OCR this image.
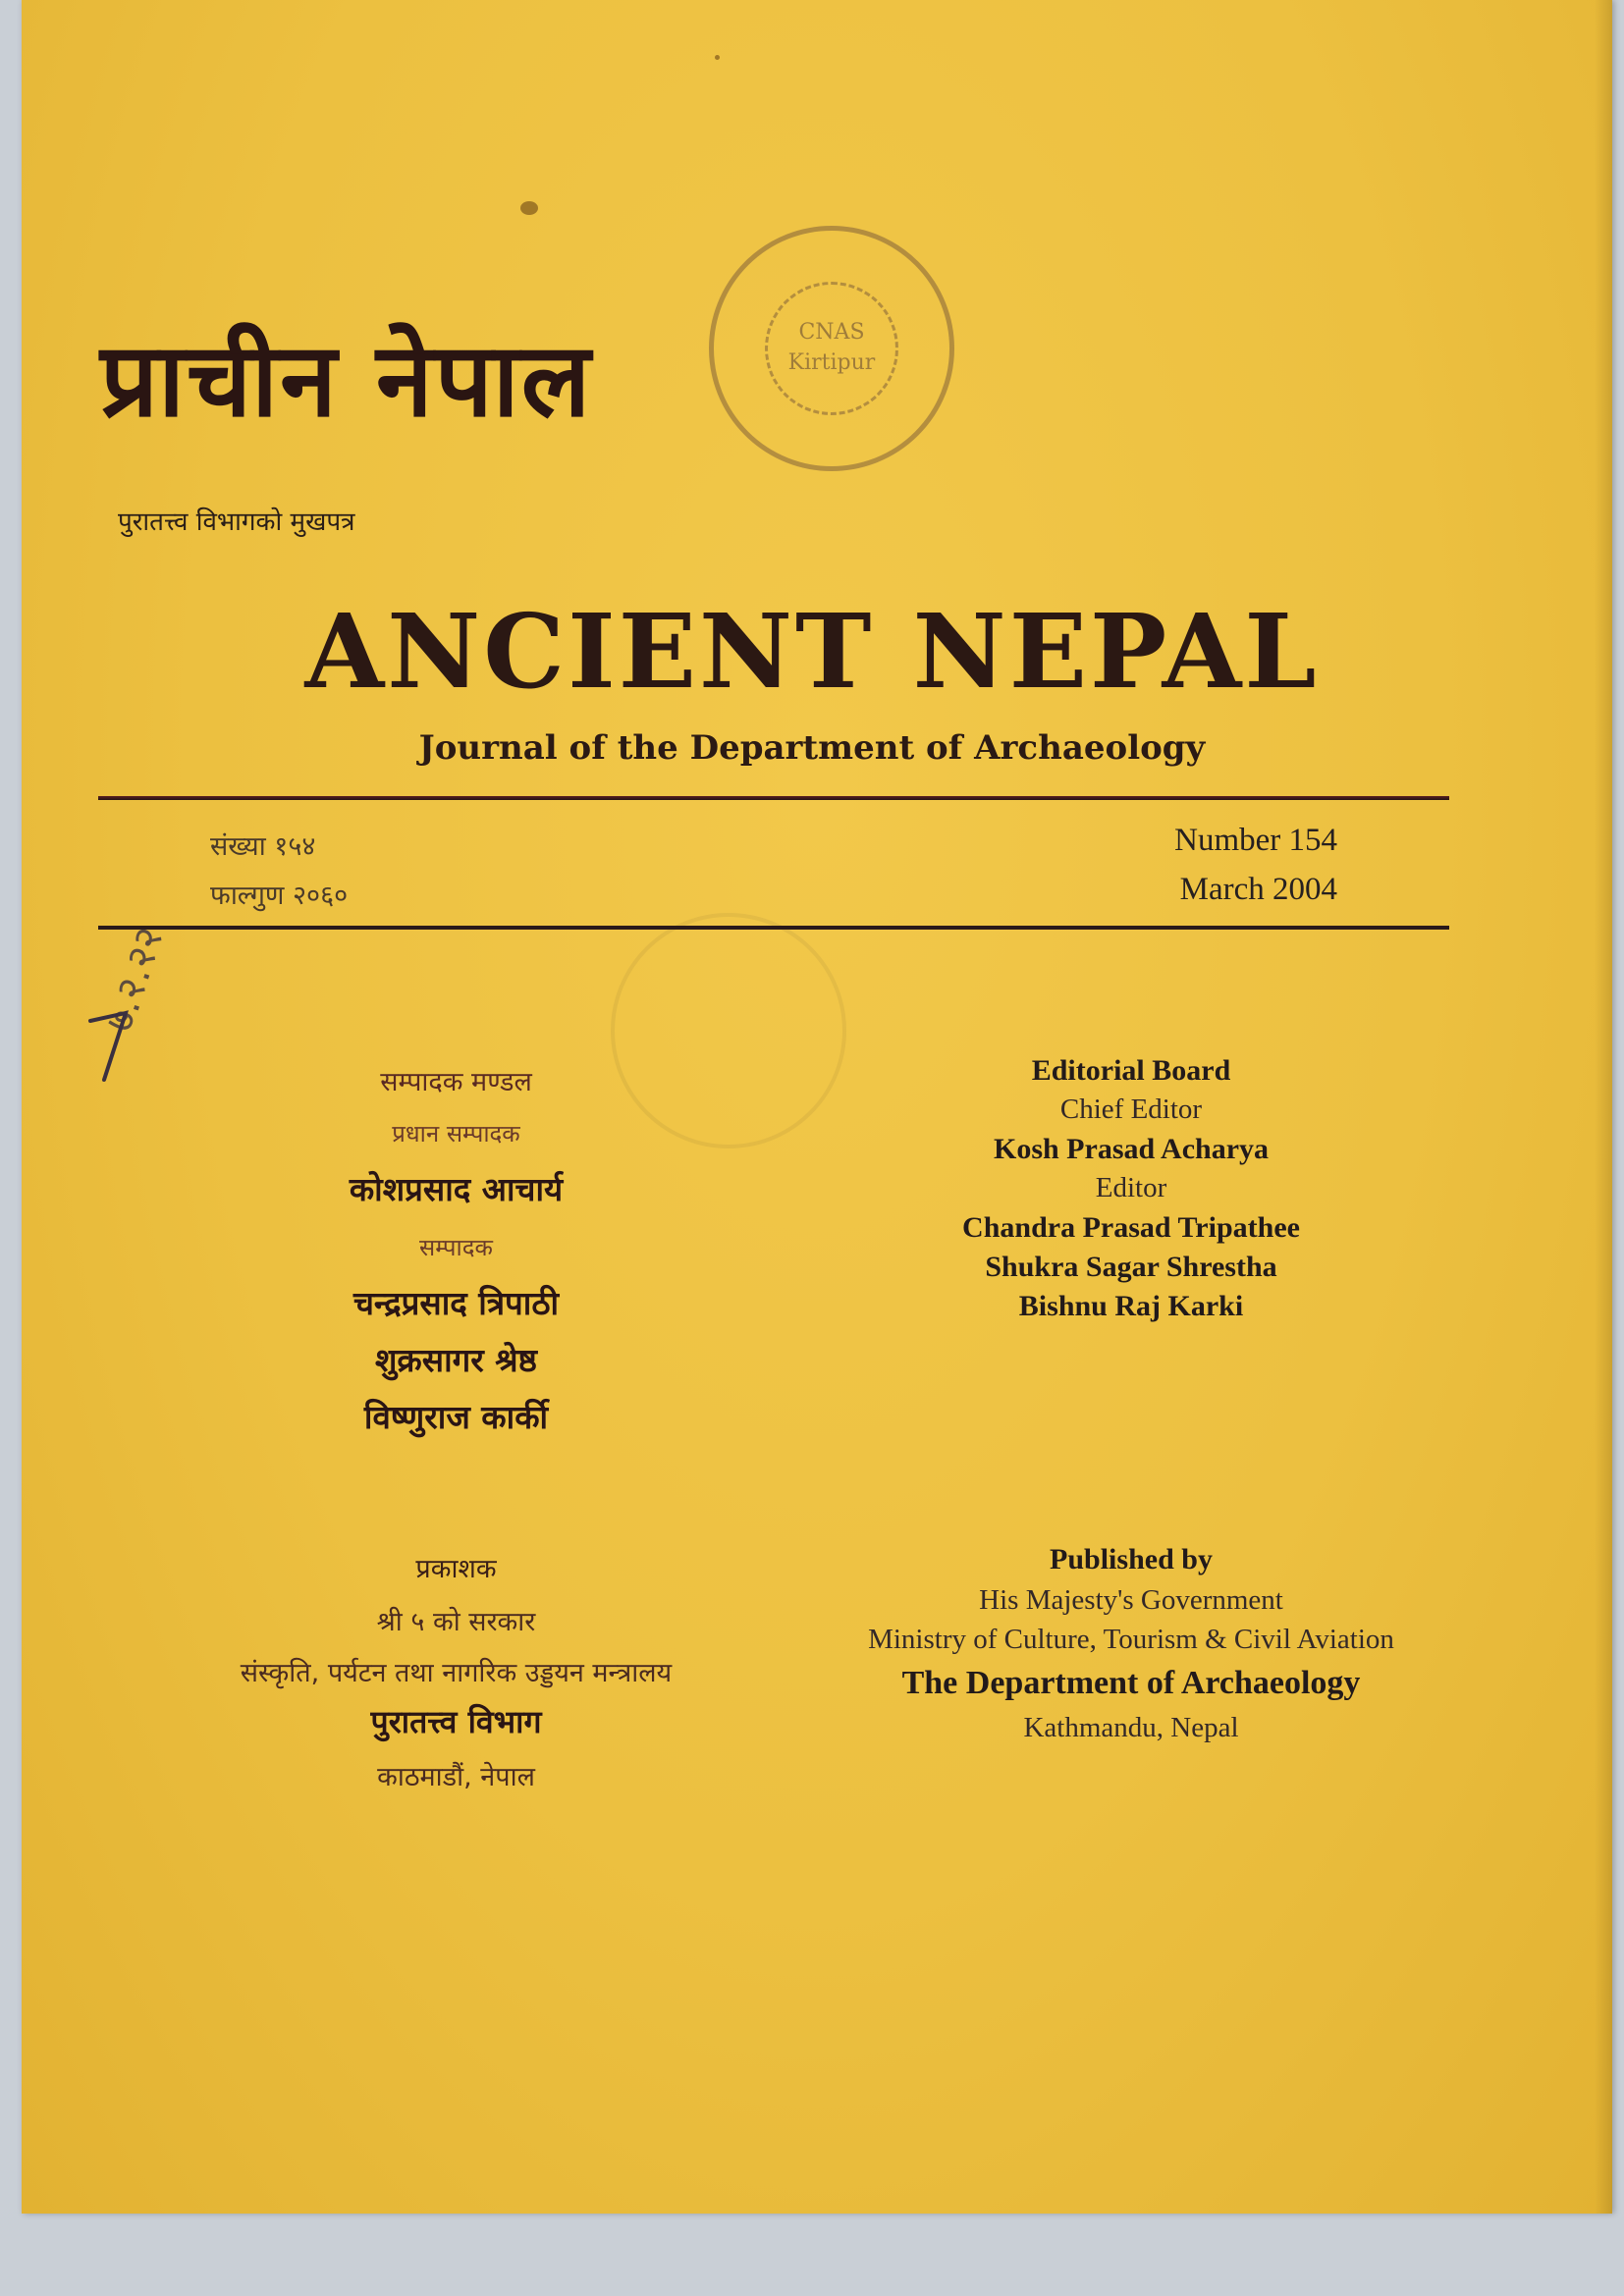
CNAS
Kirtipur
प्राचीन नेपाल
पुरातत्त्व विभागको मुखपत्र
ANCIENT NEPAL
Journal of the Department of Archaeology
संख्या १५४
फाल्गुण २०६०
Number 154
March 2004
७.२.२२
सम्पादक मण्डल
प्रधान सम्पादक
कोशप्रसाद आचार्य
सम्पादक
चन्द्रप्रसाद त्रिपाठी
शुक्रसागर श्रेष्ठ
विष्णुराज कार्की
Editorial Board
Chief Editor
Kosh Prasad Acharya
Editor
Chandra Prasad Tripathee
Shukra Sagar Shrestha
Bishnu Raj Karki
प्रकाशक
श्री ५ को सरकार
संस्कृति, पर्यटन तथा नागरिक उड्डयन मन्त्रालय
पुरातत्त्व विभाग
काठमाडौं, नेपाल
Published by
His Majesty's Government
Ministry of Culture, Tourism & Civil Aviation
The Department of Archaeology
Kathmandu, Nepal
